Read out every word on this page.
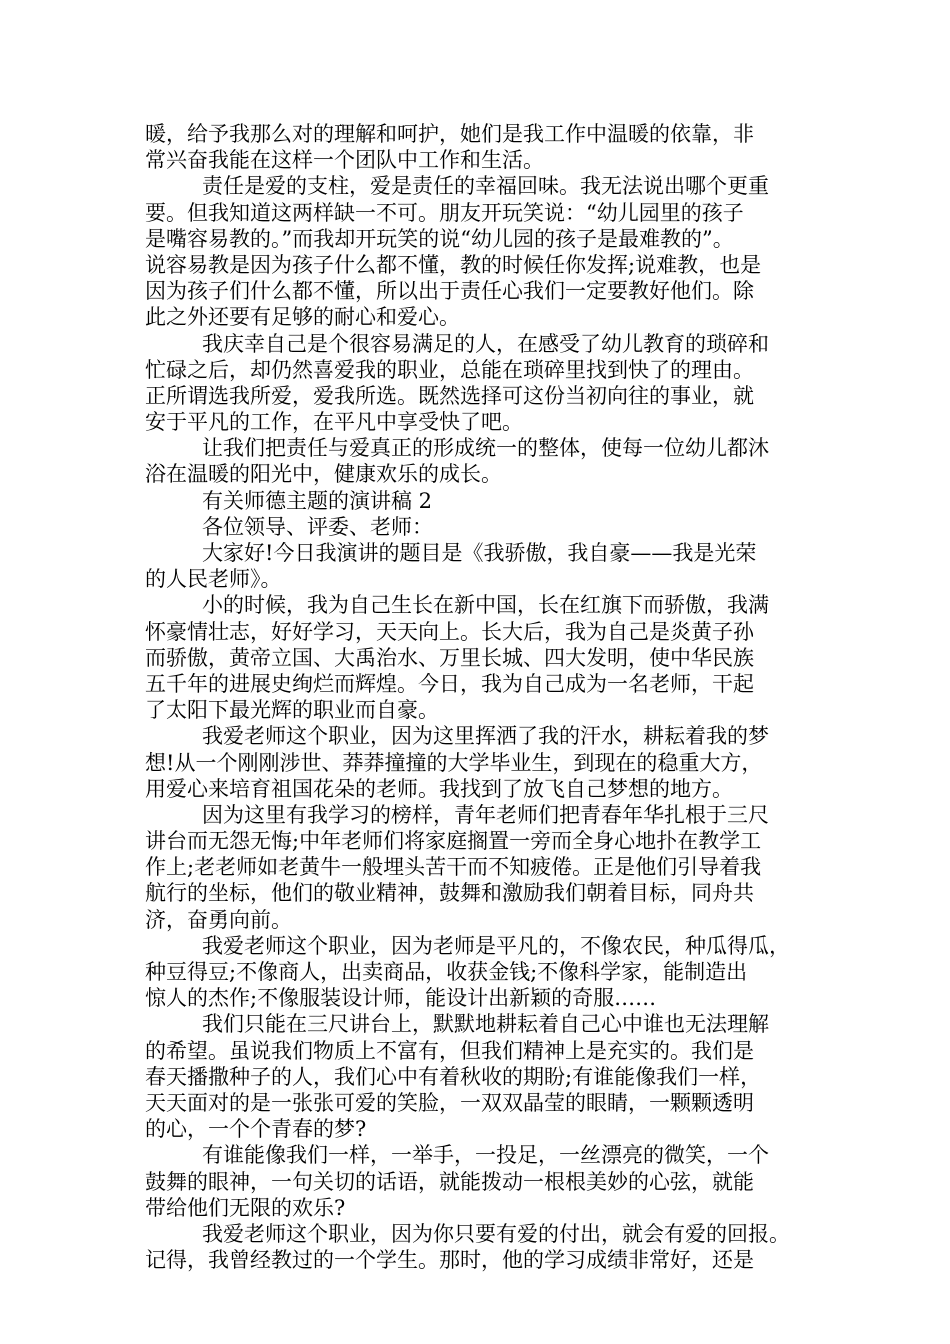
暖，给予我那么对的理解和呵护，她们是我工作中温暖的依靠，非
常兴奋我能在这样一个团队中工作和生活。
责任是爱的支柱，爱是责任的幸福回味。我无法说出哪个更重
要。但我知道这两样缺一不可。朋友开玩笑说：“幼儿园里的孩子
是嘴容易教的。”而我却开玩笑的说“幼儿园的孩子是最难教的”。
说容易教是因为孩子什么都不懂，教的时候任你发挥;说难教，也是
因为孩子们什么都不懂，所以出于责任心我们一定要教好他们。除
此之外还要有足够的耐心和爱心。
我庆幸自己是个很容易满足的人，在感受了幼儿教育的琐碎和
忙碌之后，却仍然喜爱我的职业，总能在琐碎里找到快了的理由。
正所谓选我所爱，爱我所选。既然选择可这份当初向往的事业，就
安于平凡的工作，在平凡中享受快了吧。
让我们把责任与爱真正的形成统一的整体，使每一位幼儿都沐
浴在温暖的阳光中，健康欢乐的成长。
有关师德主题的演讲稿 2
各位领导、评委、老师：
大家好!今日我演讲的题目是《我骄傲，我自豪——我是光荣
的人民老师》。
小的时候，我为自己生长在新中国，长在红旗下而骄傲，我满
怀豪情壮志，好好学习，天天向上。长大后，我为自己是炎黄子孙
而骄傲，黄帝立国、大禹治水、万里长城、四大发明，使中华民族
五千年的进展史绚烂而辉煌。今日，我为自己成为一名老师，干起
了太阳下最光辉的职业而自豪。
我爱老师这个职业，因为这里挥洒了我的汗水，耕耘着我的梦
想!从一个刚刚涉世、莽莽撞撞的大学毕业生，到现在的稳重大方，
用爱心来培育祖国花朵的老师。我找到了放飞自己梦想的地方。
因为这里有我学习的榜样，青年老师们把青春年华扎根于三尺
讲台而无怨无悔;中年老师们将家庭搁置一旁而全身心地扑在教学工
作上;老老师如老黄牛一般埋头苦干而不知疲倦。正是他们引导着我
航行的坐标，他们的敬业精神，鼓舞和激励我们朝着目标，同舟共
济，奋勇向前。
我爱老师这个职业，因为老师是平凡的，不像农民，种瓜得瓜，
种豆得豆;不像商人，出卖商品，收获金钱;不像科学家，能制造出
惊人的杰作;不像服装设计师，能设计出新颖的奇服……
我们只能在三尺讲台上，默默地耕耘着自己心中谁也无法理解
的希望。虽说我们物质上不富有，但我们精神上是充实的。我们是
春天播撒种子的人，我们心中有着秋收的期盼;有谁能像我们一样，
天天面对的是一张张可爱的笑脸，一双双晶莹的眼睛，一颗颗透明
的心，一个个青春的梦?
有谁能像我们一样，一举手，一投足，一丝漂亮的微笑，一个
鼓舞的眼神，一句关切的话语，就能拨动一根根美妙的心弦，就能
带给他们无限的欢乐?
我爱老师这个职业，因为你只要有爱的付出，就会有爱的回报。
记得，我曾经教过的一个学生。那时，他的学习成绩非常好，还是
